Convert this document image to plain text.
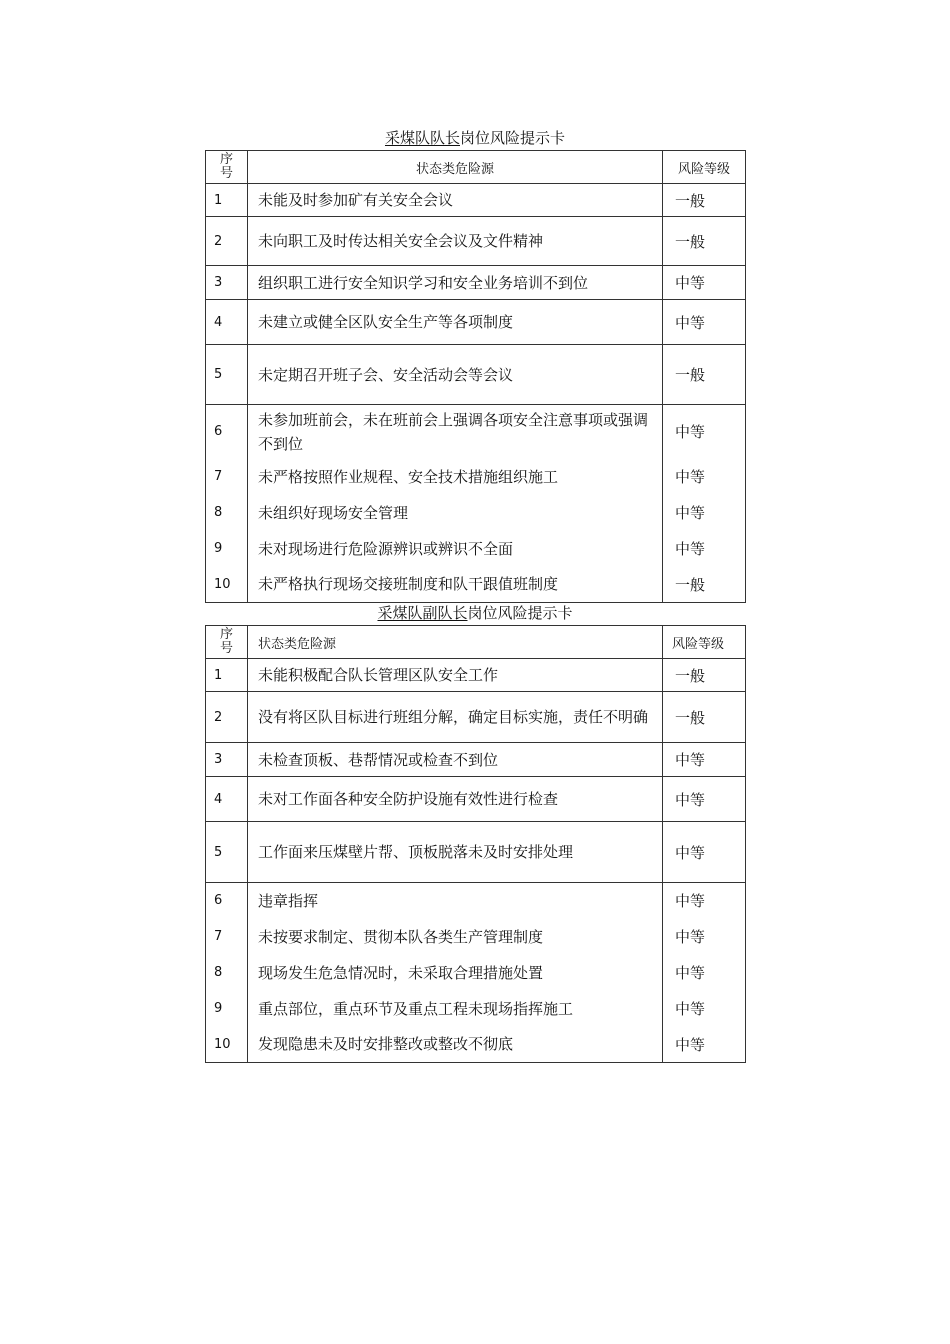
采煤队队长岗位风险提示卡
序
号	状态类危险源	风险等级
1	未能及时参加矿有关安全会议	一般
2	未向职工及时传达相关安全会议及文件精神	一般
3	组织职工进行安全知识学习和安全业务培训不到位	中等
4	未建立或健全区队安全生产等各项制度	中等
5	未定期召开班子会、安全活动会等会议	一般
6	未参加班前会，未在班前会上强调各项安全注意事项或强调不到位	中等
7	未严格按照作业规程、安全技术措施组织施工	中等
8	未组织好现场安全管理	中等
9	未对现场进行危险源辨识或辨识不全面	中等
10	未严格执行现场交接班制度和队干跟值班制度	一般
采煤队副队长岗位风险提示卡
序
号	状态类危险源	风险等级
1	未能积极配合队长管理区队安全工作	一般
2	没有将区队目标进行班组分解，确定目标实施，责任不明确	一般
3	未检查顶板、巷帮情况或检查不到位	中等
4	未对工作面各种安全防护设施有效性进行检查	中等
5	工作面来压煤壁片帮、顶板脱落未及时安排处理	中等
6	违章指挥	中等
7	未按要求制定、贯彻本队各类生产管理制度	中等
8	现场发生危急情况时，未采取合理措施处置	中等
9	重点部位，重点环节及重点工程未现场指挥施工	中等
10	发现隐患未及时安排整改或整改不彻底	中等
